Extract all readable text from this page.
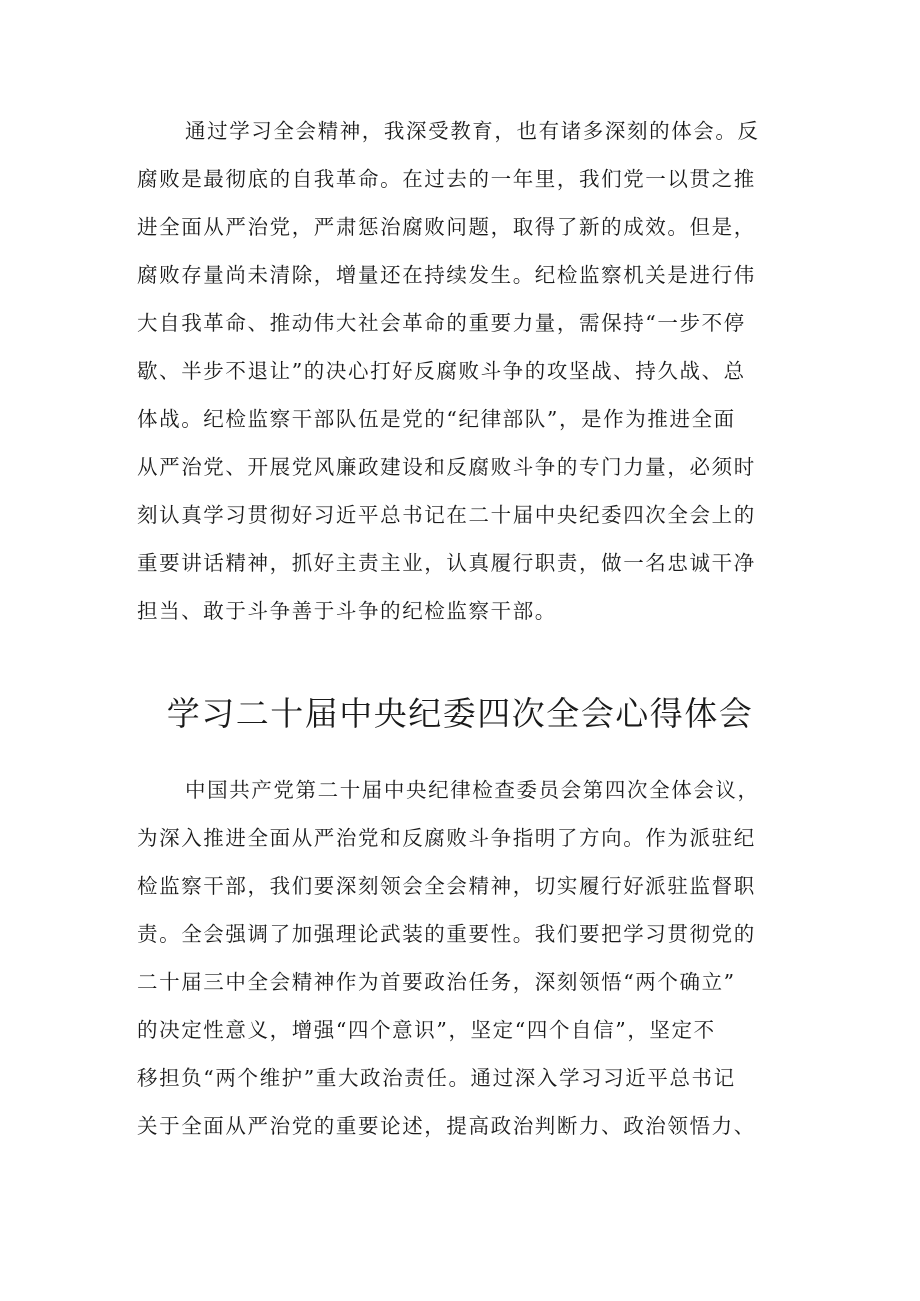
通过学习全会精神，我深受教育，也有诸多深刻的体会。反
腐败是最彻底的自我革命。在过去的一年里，我们党一以贯之推
进全面从严治党，严肃惩治腐败问题，取得了新的成效。但是，
腐败存量尚未清除，增量还在持续发生。纪检监察机关是进行伟
大自我革命、推动伟大社会革命的重要力量，需保持“一步不停
歇、半步不退让”的决心打好反腐败斗争的攻坚战、持久战、总
体战。纪检监察干部队伍是党的“纪律部队”，是作为推进全面
从严治党、开展党风廉政建设和反腐败斗争的专门力量，必须时
刻认真学习贯彻好习近平总书记在二十届中央纪委四次全会上的
重要讲话精神，抓好主责主业，认真履行职责，做一名忠诚干净
担当、敢于斗争善于斗争的纪检监察干部。
学习二十届中央纪委四次全会心得体会
中国共产党第二十届中央纪律检查委员会第四次全体会议，
为深入推进全面从严治党和反腐败斗争指明了方向。作为派驻纪
检监察干部，我们要深刻领会全会精神，切实履行好派驻监督职
责。全会强调了加强理论武装的重要性。我们要把学习贯彻党的
二十届三中全会精神作为首要政治任务，深刻领悟“两个确立”
的决定性意义，增强“四个意识”，坚定“四个自信”，坚定不
移担负“两个维护”重大政治责任。通过深入学习习近平总书记
关于全面从严治党的重要论述，提高政治判断力、政治领悟力、
